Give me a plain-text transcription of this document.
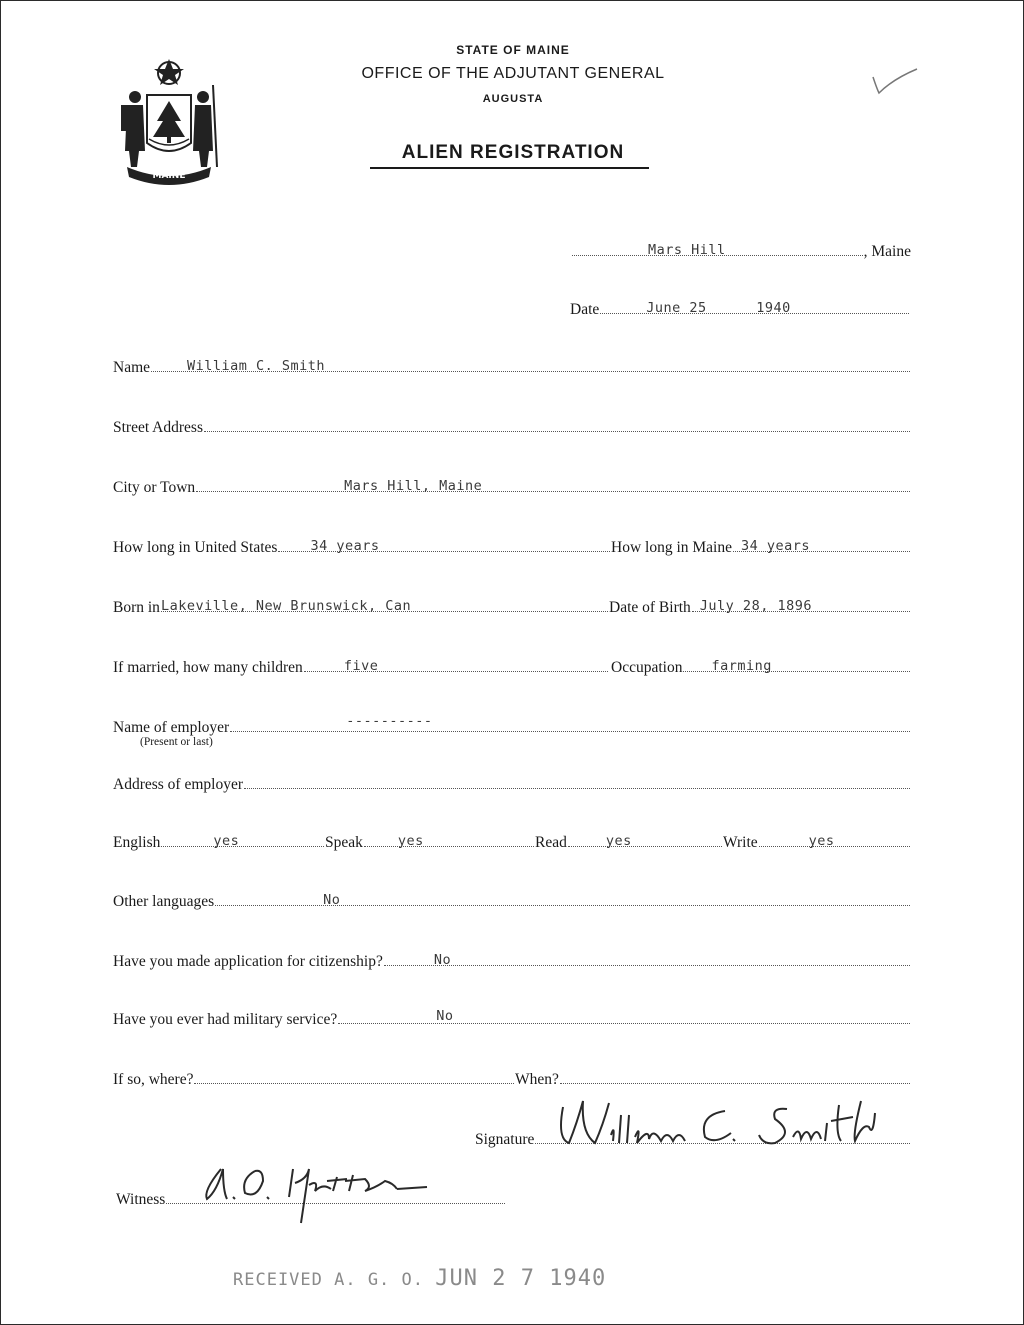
MAINE
STATE OF MAINE
OFFICE OF THE ADJUTANT GENERAL
AUGUSTA
ALIEN REGISTRATION
Mars Hill	, Maine
Date	June 25	1940
Name	William C. Smith
Street Address
City or Town	Mars Hill, Maine
How long in United States 34 years	How long in Maine 34 years
Born in Lakeville, New Brunswick, Can	Date of Birth July 28, 1896
If married, how many children	five	Occupation farming
Name of employer	----------
(Present or last)
Address of employer
English	yes	Speak	yes	Read	yes	Write	yes
Other languages	No
Have you made application for citizenship?	No
Have you ever had military service?	No
If so, where?	When?
Signature
Witness
RECEIVED A. G. O. JUN 2 7 1940
